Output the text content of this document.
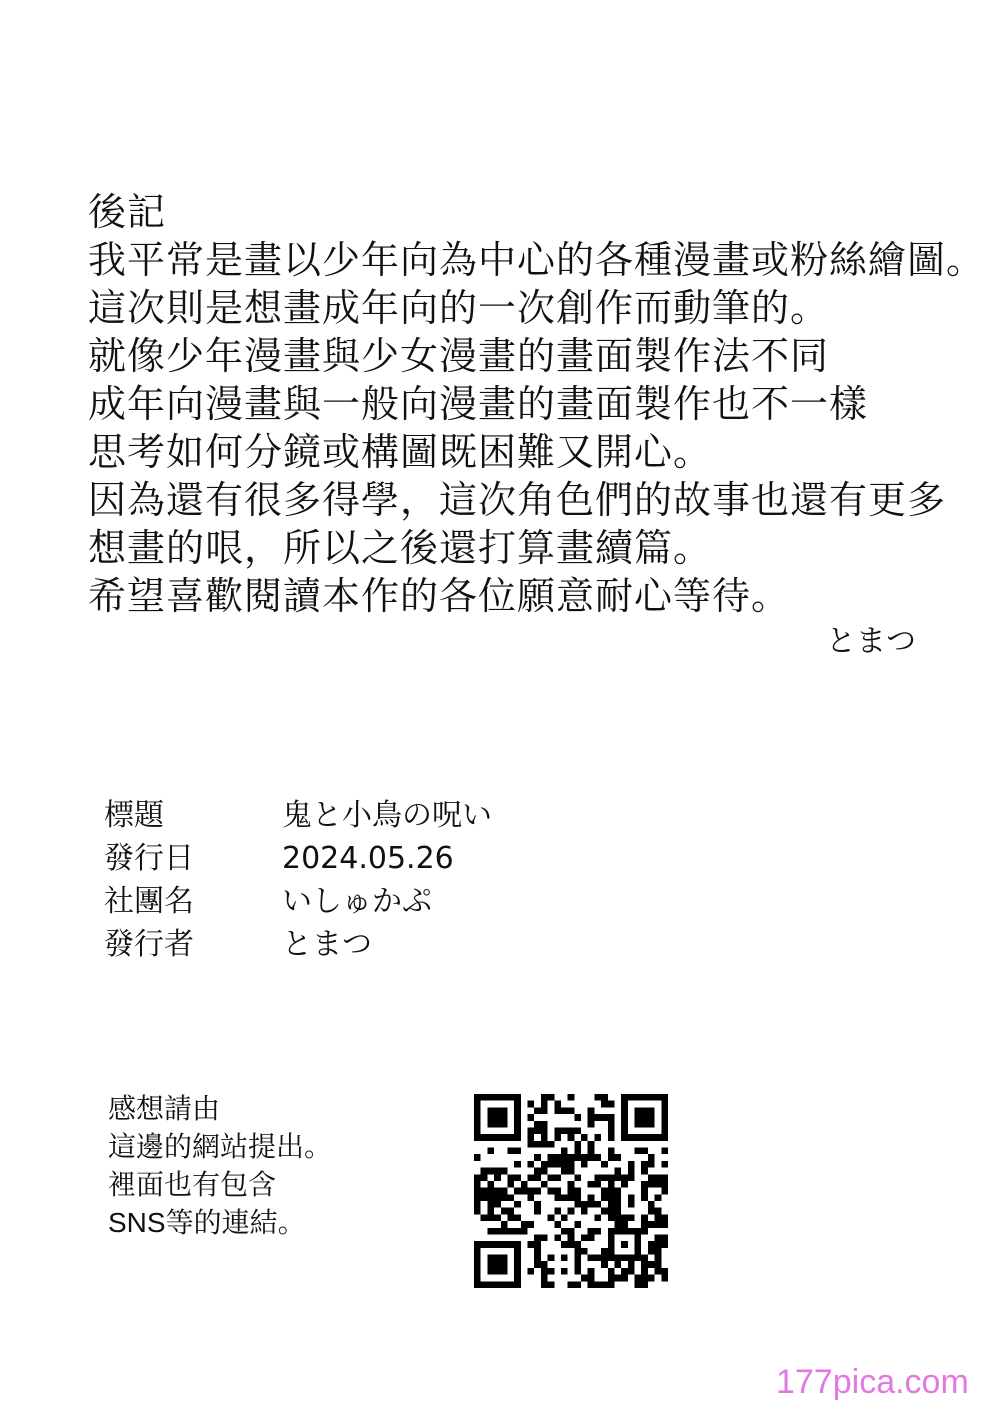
後記
我平常是畫以少年向為中心的各種漫畫或粉絲繪圖。
這次則是想畫成年向的一次創作而動筆的。
就像少年漫畫與少女漫畫的畫面製作法不同
成年向漫畫與一般向漫畫的畫面製作也不一樣
思考如何分鏡或構圖既困難又開心。
因為還有很多得學，這次角色們的故事也還有更多
想畫的哏，所以之後還打算畫續篇。
希望喜歡閱讀本作的各位願意耐心等待。
とまつ
標題	鬼と小鳥の呪い
發行日	2024.05.26
社團名	いしゅかぷ
發行者	とまつ
感想請由
這邊的網站提出。
裡面也有包含
SNS等的連結。
177pica.com
